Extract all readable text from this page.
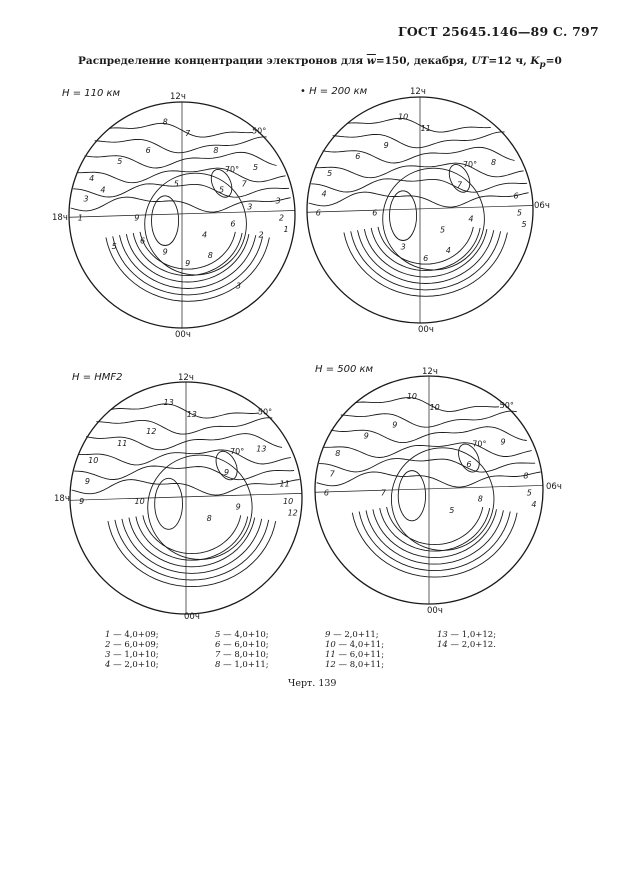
ГОСТ 25645.146—89 С. 797
Распределение концентрации электронов для $\overline{w}=150$, декабря, UT=12 ч, $K_p=0$
H = 110 км	12ч
00ч
18ч
50°
70°
8
7
6
5
4
3
1	2
1
3
5
5
9
4
6
9
9
8
5
3
6
7
8
5
2
3
4
• H = 200 км	12ч
00ч
06ч
70°
10
11
9
6
5
4
6	5
5
6
8
7
6
5
4
3
6
4
H = HMF2	12ч
00ч
18ч
50°
70°
13
13
12
11
10
9
9	10
12
11
13
9
10
8
9
H = 500 км	12ч
00ч
06ч
50°
70°
10
10
9
9
8
7
6	5
4
8
9
6
7
5
8
1 — 4,0+09;
2 — 6,0+09;
3 — 1,0+10;
4 — 2,0+10;
5 — 4,0+10;
6 — 6,0+10;
7 — 8,0+10;
8 — 1,0+11;
9 — 2,0+11;
10 — 4,0+11;
11 — 6,0+11;
12 — 8,0+11;
13 — 1,0+12;
14 — 2,0+12.
Черт. 139
